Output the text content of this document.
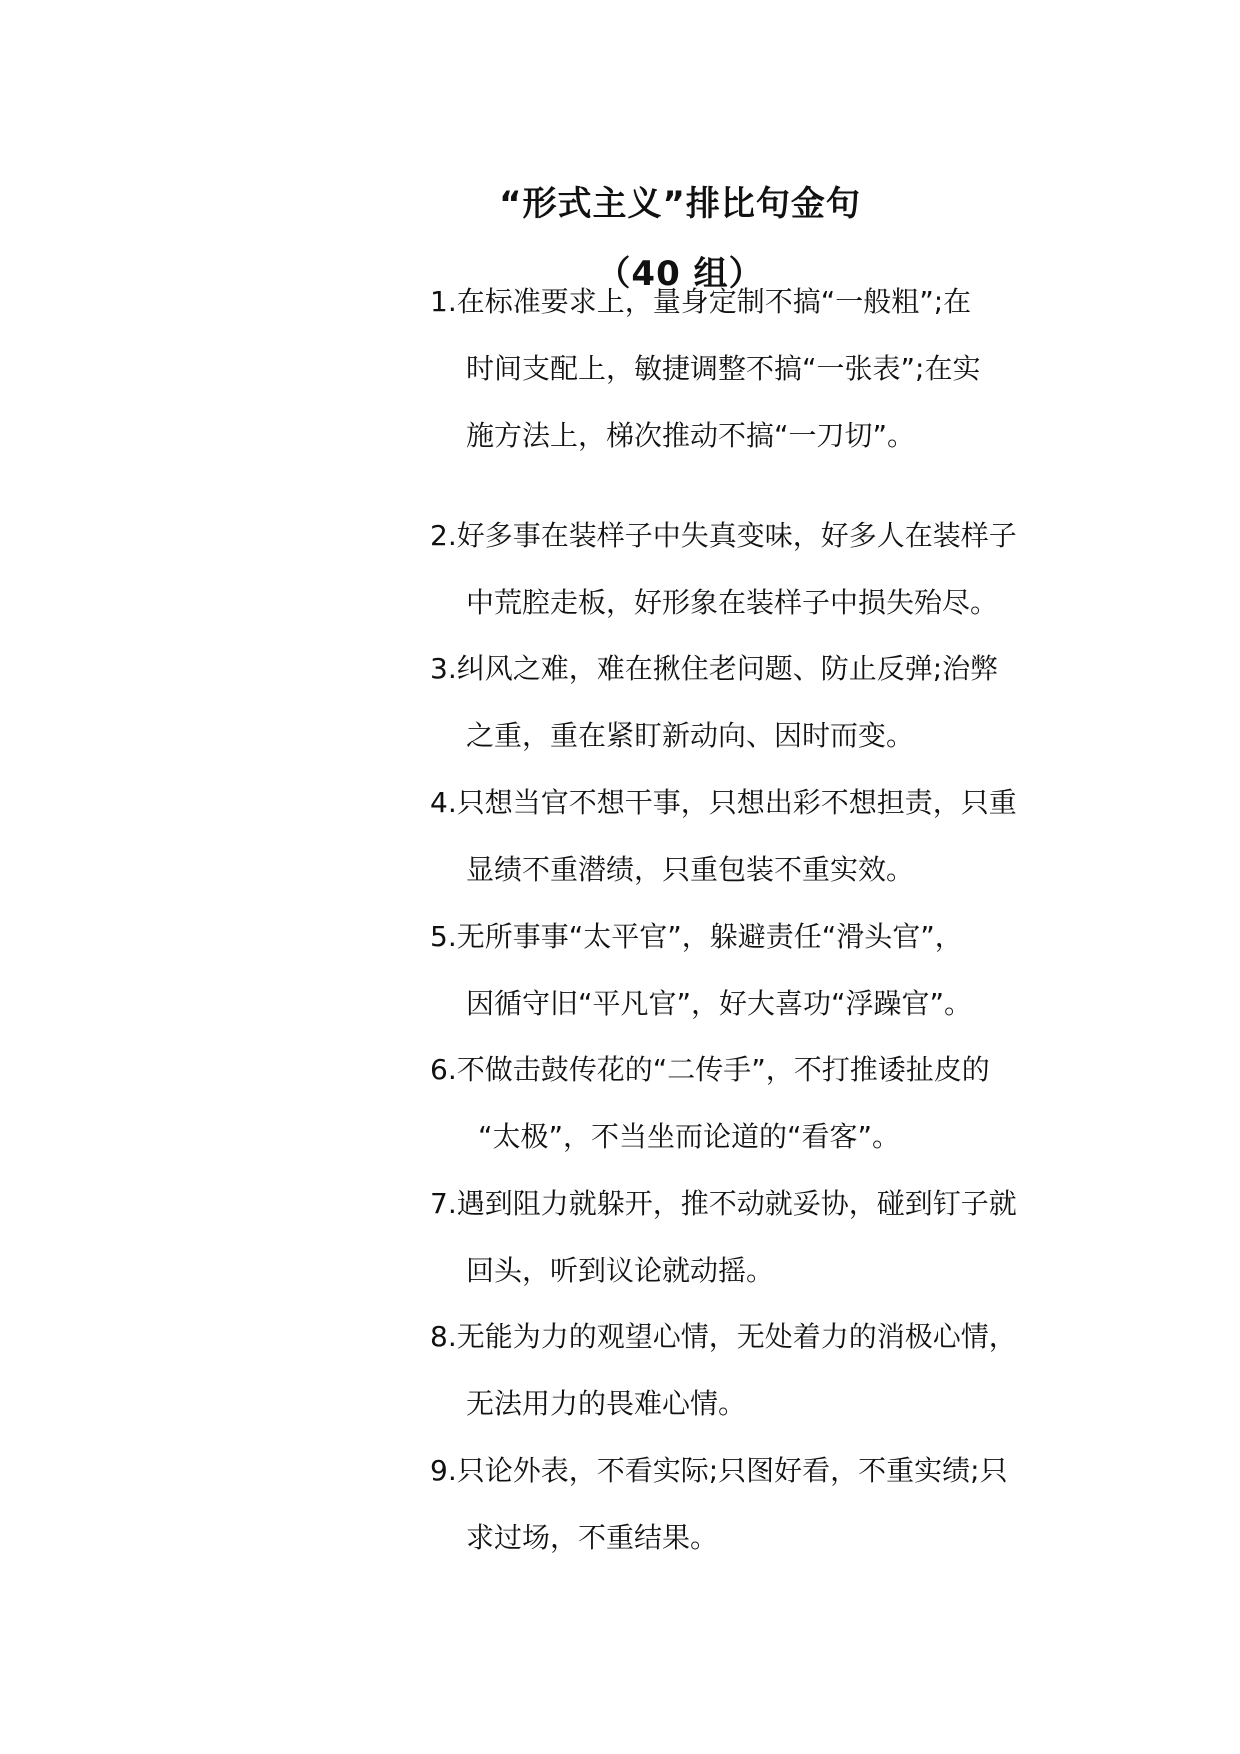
“形式主义”排比句金句
（40 组）
1.在标准要求上，量身定制不搞“一般粗”;在
时间支配上，敏捷调整不搞“一张表”;在实
施方法上，梯次推动不搞“一刀切”。
2.好多事在装样子中失真变味，好多人在装样子
中荒腔走板，好形象在装样子中损失殆尽。
3.纠风之难，难在揪住老问题、防止反弹;治弊
之重，重在紧盯新动向、因时而变。
4.只想当官不想干事，只想出彩不想担责，只重
显绩不重潜绩，只重包装不重实效。
5.无所事事“太平官”，躲避责任“滑头官”，
因循守旧“平凡官”，好大喜功“浮躁官”。
6.不做击鼓传花的“二传手”，不打推诿扯皮的
“太极”，不当坐而论道的“看客”。
7.遇到阻力就躲开，推不动就妥协，碰到钉子就
回头，听到议论就动摇。
8.无能为力的观望心情，无处着力的消极心情，
无法用力的畏难心情。
9.只论外表，不看实际;只图好看，不重实绩;只
求过场，不重结果。
